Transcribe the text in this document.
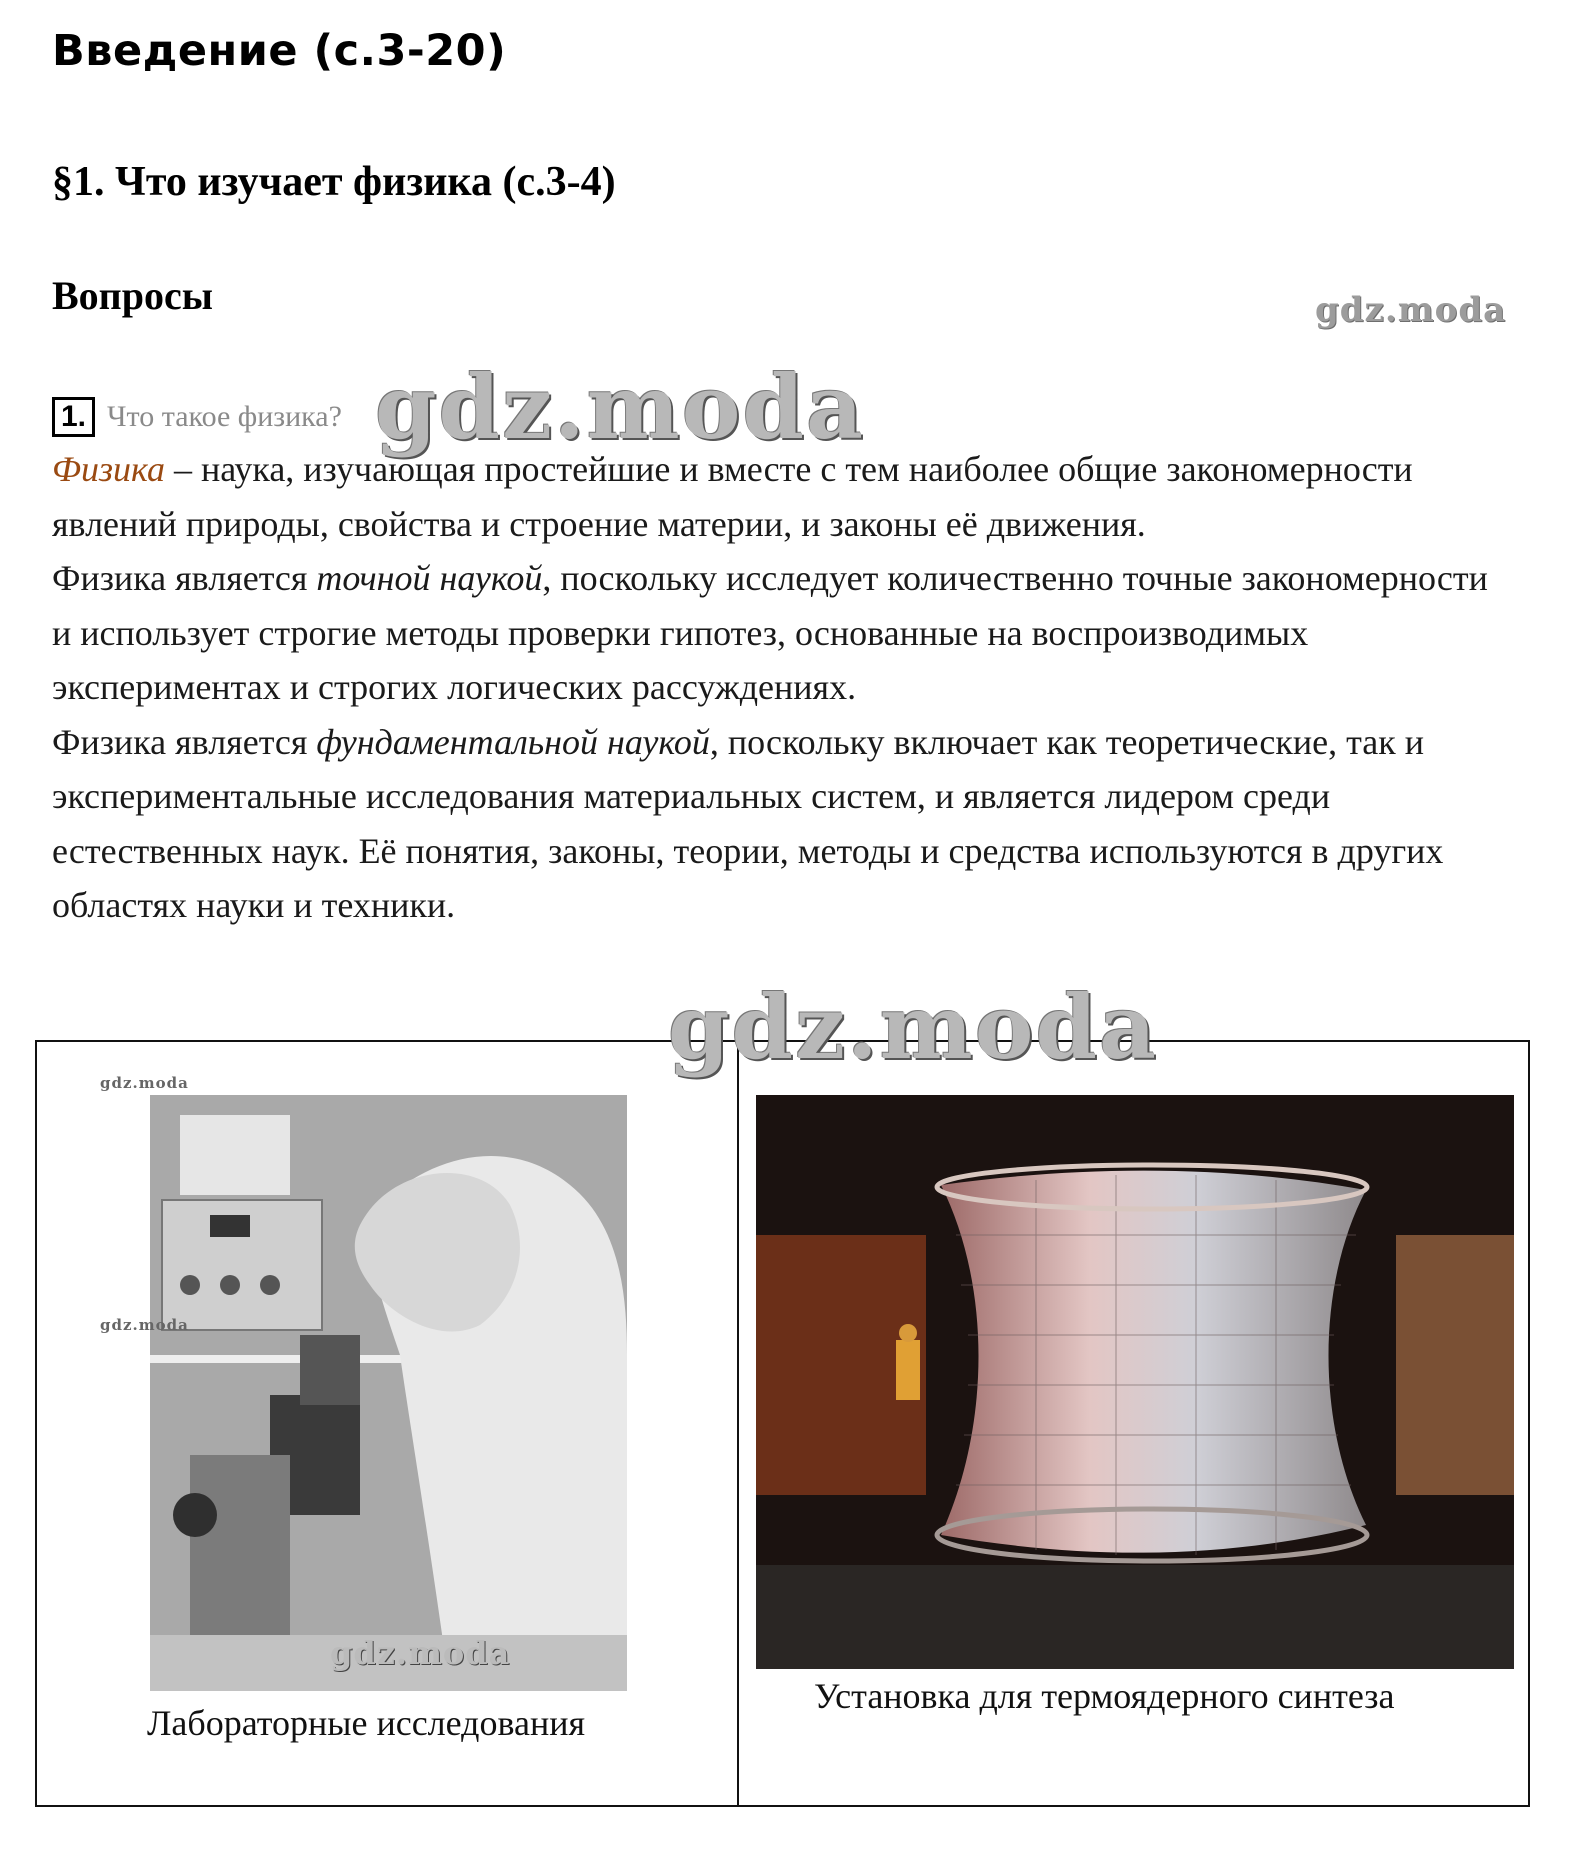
Введение (с.3-20)
§1. Что изучает физика (с.3-4)
Вопросы	gdz.moda
1. Что такое физика? gdz.moda

Физика – наука, изучающая простейшие и вместе с тем наиболее общие закономерности явлений природы, свойства и строение материи, и законы её движения.

Физика является точной наукой, поскольку исследует количественно точные закономерности и использует строгие методы проверки гипотез, основанные на воспроизводимых экспериментах и строгих логических рассуждениях.

Физика является фундаментальной наукой, поскольку включает как теоретические, так и экспериментальные исследования материальных систем, и является лидером среди естественных наук. Её понятия, законы, теории, методы и средства используются в других областях науки и техники.

gdz.moda
gdz.moda
gdz.moda
Лабораторные исследования
Установка для термоядерного синтеза
gdz.moda
